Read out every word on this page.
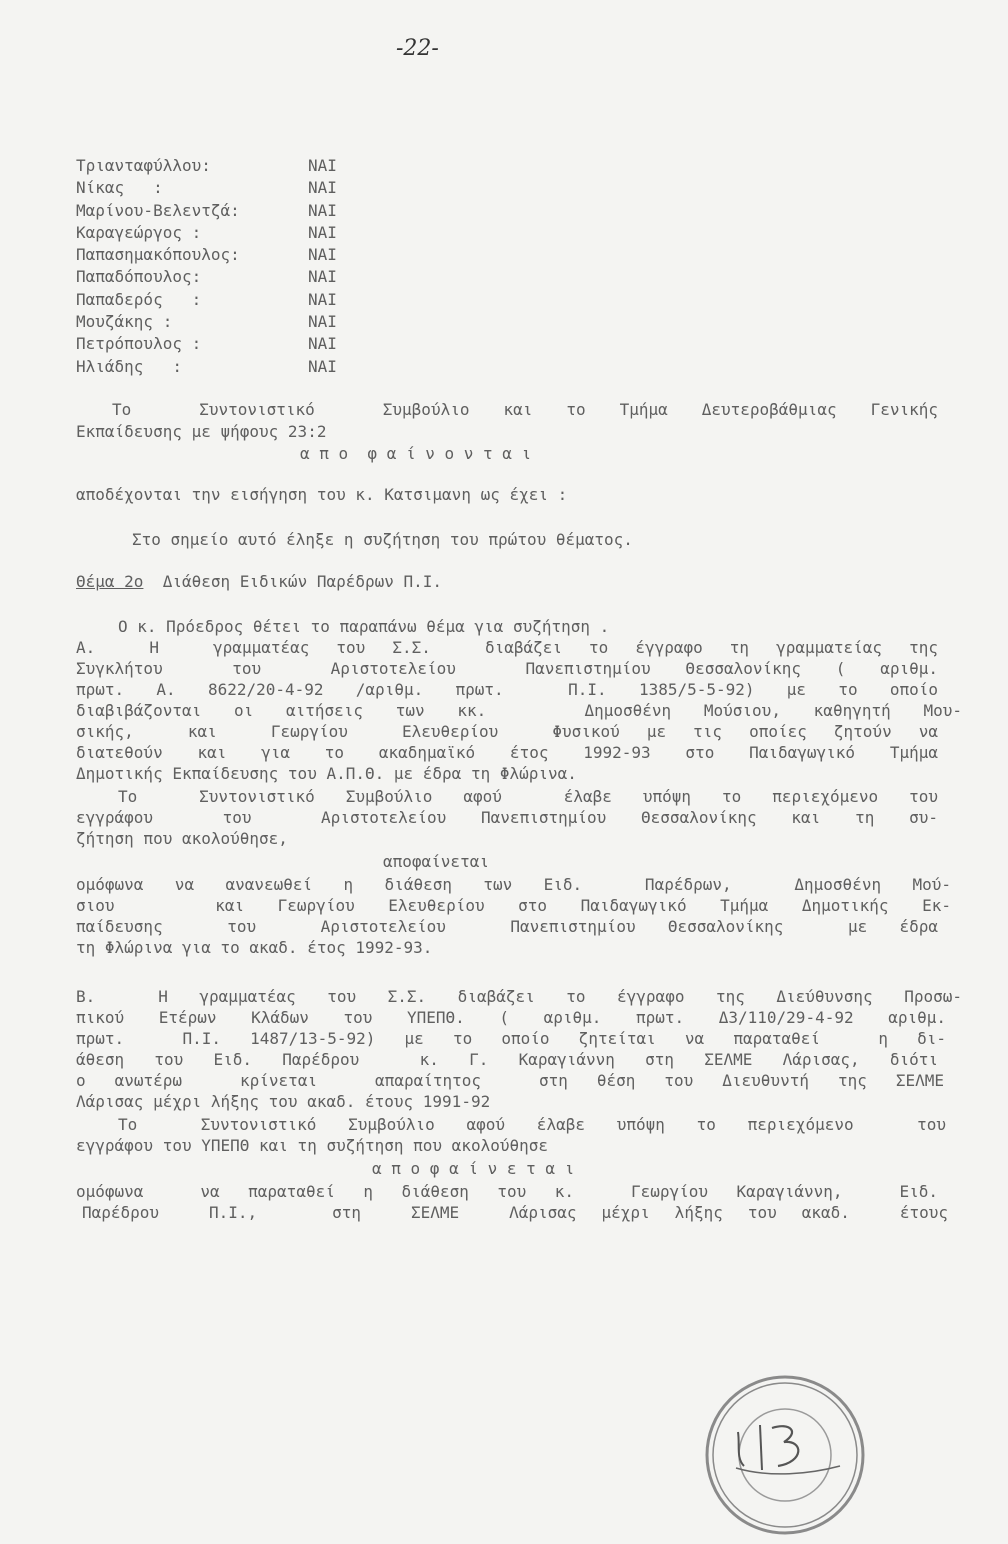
-22-
Τριανταφύλλου:	ΝΑΙ
Νίκας   :	ΝΑΙ
Μαρίνου-Βελεντζά:	ΝΑΙ
Καραγεώργος :	ΝΑΙ
Παπασημακόπουλος:	ΝΑΙ
Παπαδόπουλος:	ΝΑΙ
Παπαδερός   :	ΝΑΙ
Μουζάκης :	ΝΑΙ
Πετρόπουλος :	ΝΑΙ
Ηλιάδης   :	ΝΑΙ
Το  Συντονιστικό  Συμβούλιο και το Τμήμα Δευτεροβάθμιας Γενικής
Εκπαίδευσης με ψήφους 23:2
α π ο  φ α ί ν ο ν τ α ι
αποδέχονται την εισήγηση του κ. Κατσιμανη ως έχει :
Στο σημείο αυτό έληξε η συζήτηση του πρώτου θέματος.
Θέμα 2ο Διάθεση Ειδικών Παρέδρων Π.Ι.
Ο κ. Πρόεδρος θέτει το παραπάνω θέμα για συζήτηση .
Α.  Η  γραμματέας του Σ.Σ.  διαβάζει το έγγραφο τη γραμματείας της
Συγκλήτου  του  Αριστοτελείου  Πανεπιστημίου Θεσσαλονίκης ( αριθμ.
πρωτ. Α. 8622/20-4-92 /αριθμ. πρωτ.  Π.Ι. 1385/5-5-92) με το οποίο
διαβιβάζονται οι αιτήσεις των κκ.   Δημοσθένη Μούσιου, καθηγητή Μου-
σικής,  και  Γεωργίου  Ελευθερίου  Φυσικού με τις οποίες ζητούν να
διατεθούν και για το ακαδημαϊκό έτος 1992-93 στο Παιδαγωγικό Τμήμα
Δημοτικής Εκπαίδευσης του Α.Π.Θ. με έδρα τη Φλώρινα.
Το  Συντονιστικό Συμβούλιο αφού  έλαβε υπόψη το περιεχόμενο του
εγγράφου  του  Αριστοτελείου Πανεπιστημίου Θεσσαλονίκης και τη συ-
ζήτηση που ακολούθησε,
αποφαίνεται
ομόφωνα να ανανεωθεί η διάθεση των Ειδ.  Παρέδρων,  Δημοσθένη Μού-
σιου   και Γεωργίου Ελευθερίου στο Παιδαγωγικό Τμήμα Δημοτικής Εκ-
παίδευσης  του  Αριστοτελείου  Πανεπιστημίου Θεσσαλονίκης  με έδρα
τη Φλώρινα για το ακαδ. έτος 1992-93.
Β.  Η γραμματέας του Σ.Σ. διαβάζει το έγγραφο της Διεύθυνσης Προσω-
πικού Ετέρων Κλάδων του ΥΠΕΠΘ. ( αριθμ. πρωτ. Δ3/110/29-4-92 αριθμ.
πρωτ.  Π.Ι. 1487/13-5-92) με το οποίο ζητείται να παραταθεί  η δι-
άθεση του Ειδ. Παρέδρου  κ. Γ. Καραγιάννη στη ΣΕΛΜΕ Λάρισας, διότι
ο ανωτέρω  κρίνεται  απαραίτητος  στη θέση του Διευθυντή της ΣΕΛΜΕ
Λάρισας μέχρι λήξης του ακαδ. έτους 1991-92
Το  Συντονιστικό Συμβούλιο αφού έλαβε υπόψη το περιεχόμενο  του
εγγράφου του ΥΠΕΠΘ και τη συζήτηση που ακολούθησε
α π ο φ α ί ν ε τ α ι
ομόφωνα  να παραταθεί η διάθεση του κ.  Γεωργίου Καραγιάννη,  Ειδ.
Παρέδρου  Π.Ι.,   στη  ΣΕΛΜΕ  Λάρισας μέχρι λήξης του ακαδ.  έτους
